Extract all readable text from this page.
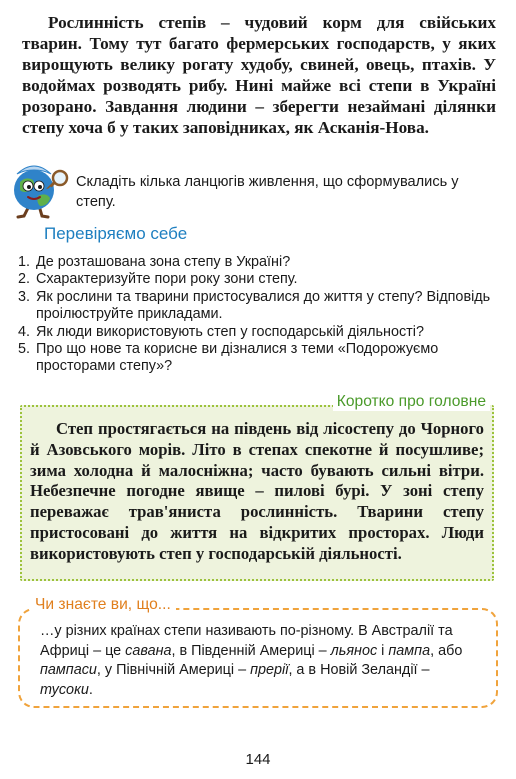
Рослинність степів – чудовий корм для свійських тварин. Тому тут багато фермерських господарств, у яких вирощують велику рогату худобу, свиней, овець, птахів. У водоймах розводять рибу. Нині майже всі степи в Україні розорано. Завдання людини – зберегти незаймані ділянки степу хоча б у таких заповідниках, як Асканія-Нова.

Складіть кілька ланцюгів живлення, що сформувались у степу.

Перевіряємо себе
1. Де розташована зона степу в Україні?
2. Схарактеризуйте пори року зони степу.
3. Як рослини та тварини пристосувалися до життя у степу? Відповідь проілюструйте прикладами.
4. Як люди використовують степ у господарській діяльності?
5. Про що нове та корисне ви дізналися з теми «Подорожуємо просторами степу»?
Коротко про головне

Степ простягається на південь від лісостепу до Чорного й Азовського морів. Літо в степах спекотне й посушливе; зима холодна й малосніжна; часто бувають сильні вітри. Небезпечне погодне явище – пилові бурі. У зоні степу переважає трав'яниста рослинність. Тварини степу пристосовані до життя на відкритих просторах. Люди використовують степ у господарській діяльності.

Чи знаєте ви, що...

…у різних країнах степи називають по-різному. В Австралії та Африці – це савана, в Південній Америці – льянос і пампа, або пампаси, у Північній Америці – прерії, а в Новій Зеландії – тусоки.

144
